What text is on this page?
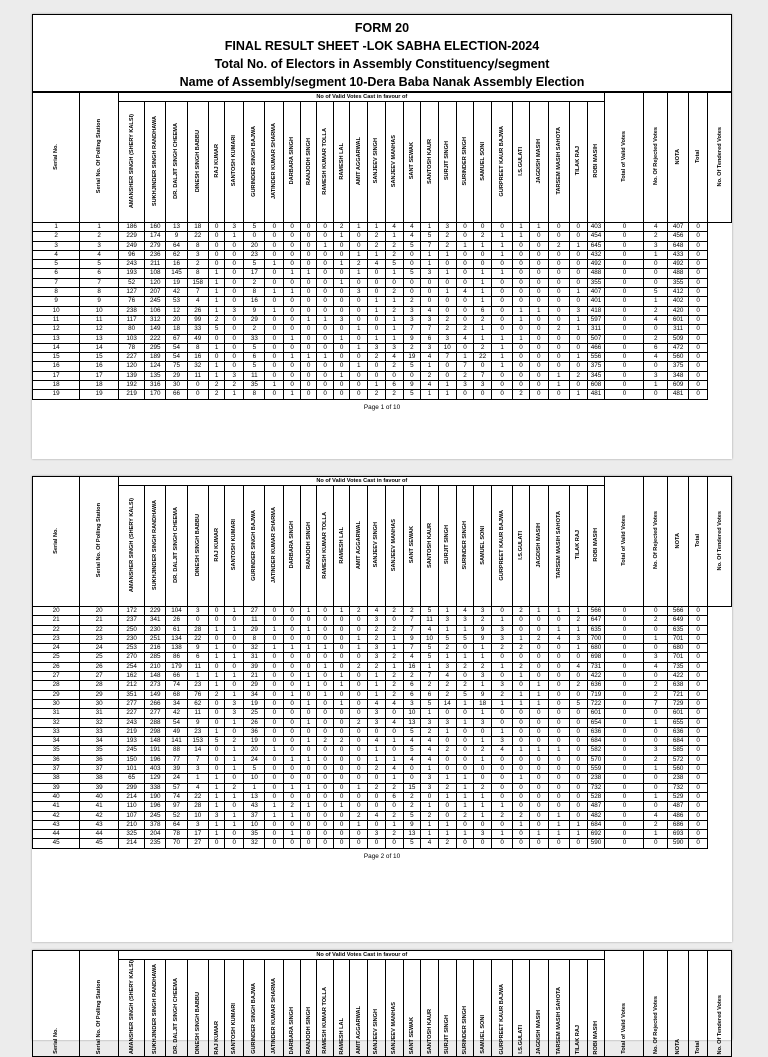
FORM 20
FINAL RESULT SHEET -LOK SABHA ELECTION-2024
Total No. of Electors in Assembly Constituency/segment
Name of Assembly/segment 10-Dera Baba Nanak Assembly Election
Serial No.	Serial No. Of Polling Station	No of Valid Votes Cast in favour of																										Total of Valid Votes	No. Of Rejected Votes	NOTA	Total	No. Of Tendered Votes
		AMANSHER SINGH (SHERY KALSI)	SUKHJINDER SINGH RANDHAWA	DR. DALJIT SINGH CHEEMA	DINESH SINGH BABBU	RAJ KUMAR	SANTOSH KUMARI	GURINDER SINGH BAJWA	JATINDER KUMAR SHARMA	DARBARA SINGH	RANJODH SINGH	RAMESH KUMAR TOLLA	RAMESH LAL	AMIT AGGARWAL	SANJEEV SINGH	SANJEEV MANHAS	SANT SEWAK	SANTOSH KAUR	SURJIT SINGH	SURINDER SINGH	SAMUEL SONI	GURPREET KAUR BAJWA	I.S.GULATI	JAGDISH MASIH	TARSEM MASIH SAHOTA	TILAK RAJ	ROBI MASIH					
1	1	186	160	13	18	0	3	5	0	0	0	0	2	1	1	4	4	1	3	0	0	0	1	1	0	0	403	0	4	407	0	
2	2	229	174	9	22	0	1	0	0	0	0	0	1	0	2	1	4	5	2	0	2	1	1	0	0	0	454	0	2	456	0	
3	3	249	279	64	8	0	0	20	0	0	0	1	0	0	2	2	5	7	2	1	1	1	0	0	2	1	645	0	3	648	0	
4	4	96	236	62	3	0	0	23	0	0	0	0	0	1	1	2	0	1	1	0	0	1	0	0	0	0	432	0	1	433	0	
5	5	243	211	16	2	0	0	5	1	0	0	0	1	2	4	5	0	1	0	0	0	0	0	0	0	0	492	0	0	492	0	
6	6	193	108	145	8	1	0	17	0	1	1	0	0	1	0	1	5	3	1	0	1	1	0	0	0	0	488	0	0	488	0	
7	7	52	120	19	158	1	0	2	0	0	0	0	1	0	0	0	0	0	0	0	1	0	0	0	0	0	355	0	0	355	0	
8	8	127	207	42	7	1	0	8	1	1	0	0	0	3	0	2	0	0	1	4	1	0	0	0	0	1	407	0	5	412	0	
9	9	76	245	53	4	1	0	16	0	0	0	0	0	0	1	1	2	0	0	0	1	0	0	0	0	0	401	0	1	402	0	
10	10	238	106	12	26	1	3	9	1	0	0	0	0	0	1	2	3	4	0	0	6	0	1	1	0	3	418	0	2	420	0	
11	11	117	312	20	99	2	0	29	0	0	1	1	3	0	0	1	3	3	2	0	2	0	1	0	0	1	597	0	4	601	0	
12	12	80	149	18	33	5	0	2	0	0	0	0	0	1	0	1	7	7	2	2	1	0	0	0	2	1	311	0	0	311	0	
13	13	103	222	67	49	0	0	33	0	1	0	0	1	0	1	1	9	6	3	4	1	1	1	0	0	0	507	0	2	509	0	
14	14	78	295	54	8	1	0	5	0	0	0	0	0	1	3	3	2	3	10	0	2	1	0	0	0	0	466	0	6	472	0	
15	15	227	189	54	16	0	0	6	0	1	1	1	0	0	2	4	19	4	7	1	22	1	0	0	0	1	556	0	4	560	0	
16	16	120	124	75	32	1	0	5	0	0	0	0	0	1	0	2	5	1	0	7	0	1	0	0	0	0	375	0	0	375	0	
17	17	139	135	29	11	1	3	11	0	0	0	0	1	0	0	0	0	2	0	2	7	0	0	0	1	2	345	0	3	348	0	
18	18	192	316	30	0	2	2	35	1	0	0	0	0	0	1	6	9	4	1	3	3	0	0	0	1	0	608	0	1	609	0	
19	19	219	170	66	0	2	1	8	0	1	0	0	0	0	2	2	5	1	1	0	0	0	2	0	0	1	481	0	0	481	0	
Page 1 of 10
Serial No.	Serial No. Of Polling Station	No of Valid Votes Cast in favour of																										Total of Valid Votes	No. Of Rejected Votes	NOTA	Total	No. Of Tendered Votes
		AMANSHER SINGH (SHERY KALSI)	SUKHJINDER SINGH RANDHAWA	DR. DALJIT SINGH CHEEMA	DINESH SINGH BABBU	RAJ KUMAR	SANTOSH KUMARI	GURINDER SINGH BAJWA	JATINDER KUMAR SHARMA	DARBARA SINGH	RANJODH SINGH	RAMESH KUMAR TOLLA	RAMESH LAL	AMIT AGGARWAL	SANJEEV SINGH	SANJEEV MANHAS	SANT SEWAK	SANTOSH KAUR	SURJIT SINGH	SURINDER SINGH	SAMUEL SONI	GURPREET KAUR BAJWA	I.S.GULATI	JAGDISH MASIH	TARSEM MASIH SAHOTA	TILAK RAJ	ROBI MASIH					
20	20	172	229	104	3	0	1	27	0	0	1	0	1	2	4	2	2	5	1	4	3	0	2	1	1	1	566	0	0	566	0	
21	21	237	341	26	0	0	0	11	0	0	0	0	0	0	3	0	7	11	3	3	2	1	0	0	0	2	647	0	2	649	0	
22	22	250	230	61	28	1	1	29	1	0	1	0	0	0	2	2	7	4	1	1	9	3	0	0	1	1	635	0	0	635	0	
23	23	230	251	134	22	0	0	8	0	0	0	0	0	1	2	1	9	10	5	5	9	3	1	2	4	3	700	0	1	701	0	
24	24	253	216	138	9	1	0	32	1	1	1	1	0	1	3	1	7	5	2	0	1	2	2	0	0	1	680	0	0	680	0	
25	25	270	285	86	6	1	1	31	0	0	0	0	0	0	3	2	4	5	1	1	1	0	0	0	0	0	698	0	3	701	0	
26	26	254	210	179	11	0	0	39	0	0	0	1	0	2	2	1	16	1	3	2	2	1	2	0	0	4	731	0	4	735	0	
27	27	162	148	66	1	1	1	21	0	0	1	0	1	0	1	2	2	7	4	0	3	0	1	0	0	0	422	0	0	422	0	
28	28	212	273	74	23	1	0	29	0	0	1	0	1	0	1	2	6	2	2	2	1	3	0	1	0	2	636	0	2	638	0	
29	29	351	149	68	76	2	1	34	0	1	0	1	0	0	1	2	6	6	2	5	9	2	1	1	0	0	719	0	2	721	0	
30	30	277	266	34	62	0	3	19	0	0	1	0	1	0	4	4	3	5	14	1	18	1	1	1	0	5	722	0	7	729	0	
31	31	227	277	42	11	0	3	25	0	0	0	0	0	0	3	0	10	1	0	0	1	0	0	0	0	0	601	0	0	601	0	
32	32	243	288	54	9	0	1	26	0	0	1	0	0	2	3	4	13	3	3	1	3	0	0	0	0	0	654	0	1	655	0	
33	33	219	298	49	23	1	0	36	0	0	0	0	0	0	0	0	5	2	1	0	0	1	0	0	0	0	636	0	0	636	0	
34	34	193	148	141	153	5	2	19	0	0	1	2	2	0	4	1	4	4	0	0	1	3	0	0	0	0	684	0	0	684	0	
35	35	245	191	88	14	0	1	20	1	0	0	0	0	0	1	0	5	4	2	0	2	4	1	1	1	0	582	0	3	585	0	
36	36	150	196	77	7	0	1	24	0	1	1	0	0	0	1	1	4	4	0	0	1	0	0	0	0	0	570	0	2	572	0	
37	37	101	403	39	3	0	1	5	0	0	0	0	0	0	2	4	0	1	0	0	0	0	0	0	0	0	559	0	1	560	0	
38	38	65	129	24	1	1	0	10	0	0	0	0	0	0	0	1	0	3	1	1	0	0	1	0	0	0	238	0	0	238	0	
39	39	299	338	57	4	1	2	1	0	1	1	0	0	1	2	2	15	3	2	1	2	0	0	0	0	0	732	0	0	732	0	
40	40	214	190	74	22	1	1	13	0	0	0	0	0	0	0	6	2	0	1	1	1	0	0	0	0	0	528	0	1	529	0	
41	41	110	196	97	28	1	0	43	1	2	1	0	1	0	0	0	2	1	0	1	1	1	0	0	0	0	487	0	0	487	0	
42	42	107	245	52	10	3	1	37	1	1	0	0	0	2	4	2	5	2	0	2	1	2	2	0	1	0	482	0	4	486	0	
43	43	210	378	64	3	1	1	10	0	0	0	0	0	1	0	1	9	1	1	0	0	0	1	0	1	1	684	0	2	686	0	
44	44	325	204	78	17	1	0	35	0	1	0	0	0	0	3	2	13	1	1	1	3	1	0	1	1	1	692	0	1	693	0	
45	45	214	235	70	27	0	0	32	0	0	0	0	0	0	0	0	5	4	2	0	0	0	0	0	0	0	590	0	0	590	0	
Page 2 of 10
Serial No.	Serial No. Of Polling Station	No of Valid Votes Cast in favour of																										Total of Valid Votes	No. Of Rejected Votes	NOTA	Total	No. Of Tendered Votes
		AMANSHER SINGH (SHERY KALSI)	SUKHJINDER SINGH RANDHAWA	DR. DALJIT SINGH CHEEMA	DINESH SINGH BABBU	RAJ KUMAR	SANTOSH KUMARI	GURINDER SINGH BAJWA	JATINDER KUMAR SHARMA	DARBARA SINGH	RANJODH SINGH	RAMESH KUMAR TOLLA	RAMESH LAL	AMIT AGGARWAL	SANJEEV SINGH	SANJEEV MANHAS	SANT SEWAK	SANTOSH KAUR	SURJIT SINGH	SURINDER SINGH	SAMUEL SONI	GURPREET KAUR BAJWA	I.S.GULATI	JAGDISH MASIH	TARSEM MASIH SAHOTA	TILAK RAJ	ROBI MASIH					
